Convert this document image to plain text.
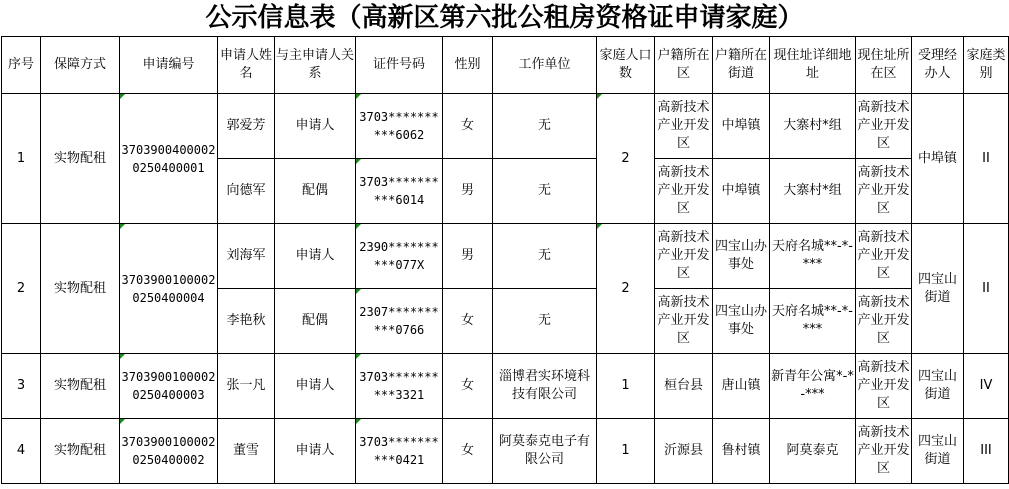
公示信息表（高新区第六批公租房资格证申请家庭）
序号	保障方式	申请编号	申请人姓名	与主申请人关系	证件号码	性别	工作单位	家庭人口数	户籍所在区	户籍所在街道	现住址详细地址	现住址所在区	受理经办人	家庭类别
1	实物配租	37039004000020250400001	郭爱芳	申请人	3703**********6062	女	无	2	高新技术产业开发区	中埠镇	大寨村*组	高新技术产业开发区	中埠镇	II
			向德军	配偶	3703**********6014	男	无		高新技术产业开发区	中埠镇	大寨村*组	高新技术产业开发区		
2	实物配租	37039001000020250400004	刘海军	申请人	2390**********077X	男	无	2	高新技术产业开发区	四宝山办事处	天府名城**-*-***	高新技术产业开发区	四宝山街道	II
			李艳秋	配偶	2307**********0766	女	无		高新技术产业开发区	四宝山办事处	天府名城**-*-***	高新技术产业开发区		
3	实物配租	37039001000020250400003	张一凡	申请人	3703**********3321	女	淄博君实环境科技有限公司	1	桓台县	唐山镇	新青年公寓*-*-***	高新技术产业开发区	四宝山街道	IV
4	实物配租	37039001000020250400002	董雪	申请人	3703**********0421	女	阿莫泰克电子有限公司	1	沂源县	鲁村镇	阿莫泰克	高新技术产业开发区	四宝山街道	III
